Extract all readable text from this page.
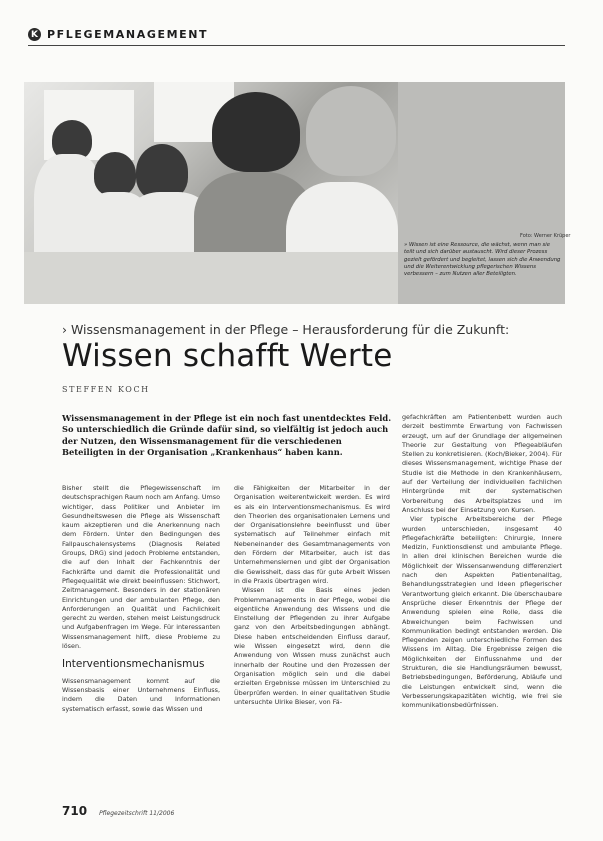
K PFLEGEMANAGEMENT
Foto: Werner Krüper
» Wissen ist eine Ressource, die wächst, wenn man sie teilt und sich darüber austauscht. Wird dieser Prozess gezielt gefördert und begleitet, lassen sich die Anwendung und die Weiterentwicklung pflegerischen Wissens verbessern – zum Nutzen aller Beteiligten.
› Wissensmanagement in der Pflege – Herausforderung für die Zukunft:
Wissen schafft Werte
STEFFEN KOCH
Wissensmanagement in der Pflege ist ein noch fast unentdecktes Feld. So unterschiedlich die Gründe dafür sind, so vielfältig ist jedoch auch der Nutzen, den Wissensmanagement für die verschiedenen Beteiligten in der Organisation „Krankenhaus“ haben kann.

Bisher stellt die Pflegewissenschaft im deutschsprachigen Raum noch am Anfang. Umso wichtiger, dass Politiker und Anbieter im Gesundheitswesen die Pflege als Wissenschaft kaum akzeptieren und die Anerkennung nach dem Fördern. Unter den Bedingungen des Fallpauschalensystems (Diagnosis Related Groups, DRG) sind jedoch Probleme entstanden, die auf den Inhalt der Fachkenntnis der Fachkräfte und damit die Professionalität und Pflegequalität wie direkt beeinflussen: Stichwort, Zeitmanagement. Besonders in der stationären Einrichtungen und der ambulanten Pflege, den Anforderungen an Qualität und Fachlichkeit gerecht zu werden, stehen meist Leistungsdruck und Aufgabenfragen im Wege. Für interessanten Wissensmanagement hilft, diese Probleme zu lösen.

Interventionsmechanismus

Wissensmanagement kommt auf die Wissensbasis einer Unternehmens Einfluss, indem die Daten und Informationen systematisch erfasst, sowie das Wissen und

die Fähigkeiten der Mitarbeiter in der Organisation weiterentwickelt werden. Es wird es als ein Interventionsmechanismus. Es wird den Theorien des organisationalen Lernens und der Organisationslehre beeinflusst und über systematisch auf Teilnehmer einfach mit Nebeneinander des Gesamtmanagements von den Fördern der Mitarbeiter, auch ist das Unternehmenslernen und gibt der Organisation die Gewissheit, dass das für gute Arbeit Wissen in die Praxis übertragen wird.

Wissen ist die Basis eines jeden Problemmanagements in der Pflege, wobei die eigentliche Anwendung des Wissens und die Einstellung der Pflegenden zu ihrer Aufgabe ganz von den Arbeitsbedingungen abhängt. Diese haben entscheidenden Einfluss darauf, wie Wissen eingesetzt wird, denn die Anwendung von Wissen muss zunächst auch innerhalb der Routine und den Prozessen der Organisation möglich sein und die dabei erzielten Ergebnisse müssen im Unterschied zu Überprüfen werden. In einer qualitativen Studie untersuchte Ulrike Bieser, von Fä-

gefachkräften am Patientenbett wurden auch derzeit bestimmte Erwartung von Fachwissen erzeugt, um auf der Grundlage der allgemeinen Theorie zur Gestaltung von Pflegeabläufen Stellen zu konkretisieren. (Koch/Bieker, 2004). Für dieses Wissensmanagement, wichtige Phase der Studie ist die Methode in den Krankenhäusern, auf der Verteilung der individuellen fachlichen Hintergründe mit der systematischen Vorbereitung des Arbeitsplatzes und im Anschluss bei der Einsetzung von Kursen.

Vier typische Arbeitsbereiche der Pflege wurden unterschieden, insgesamt 40 Pflegefachkräfte beteiligten: Chirurgie, Innere Medizin, Funktionsdienst und ambulante Pflege. In allen drei klinischen Bereichen wurde die Möglichkeit der Wissensanwendung differenziert nach den Aspekten Patientenalltag, Behandlungsstrategien und Ideen pflegerischer Verantwortung gleich erkannt. Die überschaubare Ansprüche dieser Erkenntnis der Pflege der Anwendung spielen eine Rolle, dass die Abweichungen beim Fachwissen und Kommunikation bedingt entstanden werden. Die Pflegenden zeigen unterschiedliche Formen des Wissens im Alltag. Die Ergebnisse zeigen die Möglichkeiten der Einflussnahme und der Strukturen, die sie Handlungsräumen bewusst, Betriebsbedingungen, Beförderung, Abläufe und die Leistungen entwickelt sind, wenn die Verbesserungskapazitäten wichtig, wie frei sie kommunikationsbedürfnissen.

710 Pflegezeitschrift 11/2006
